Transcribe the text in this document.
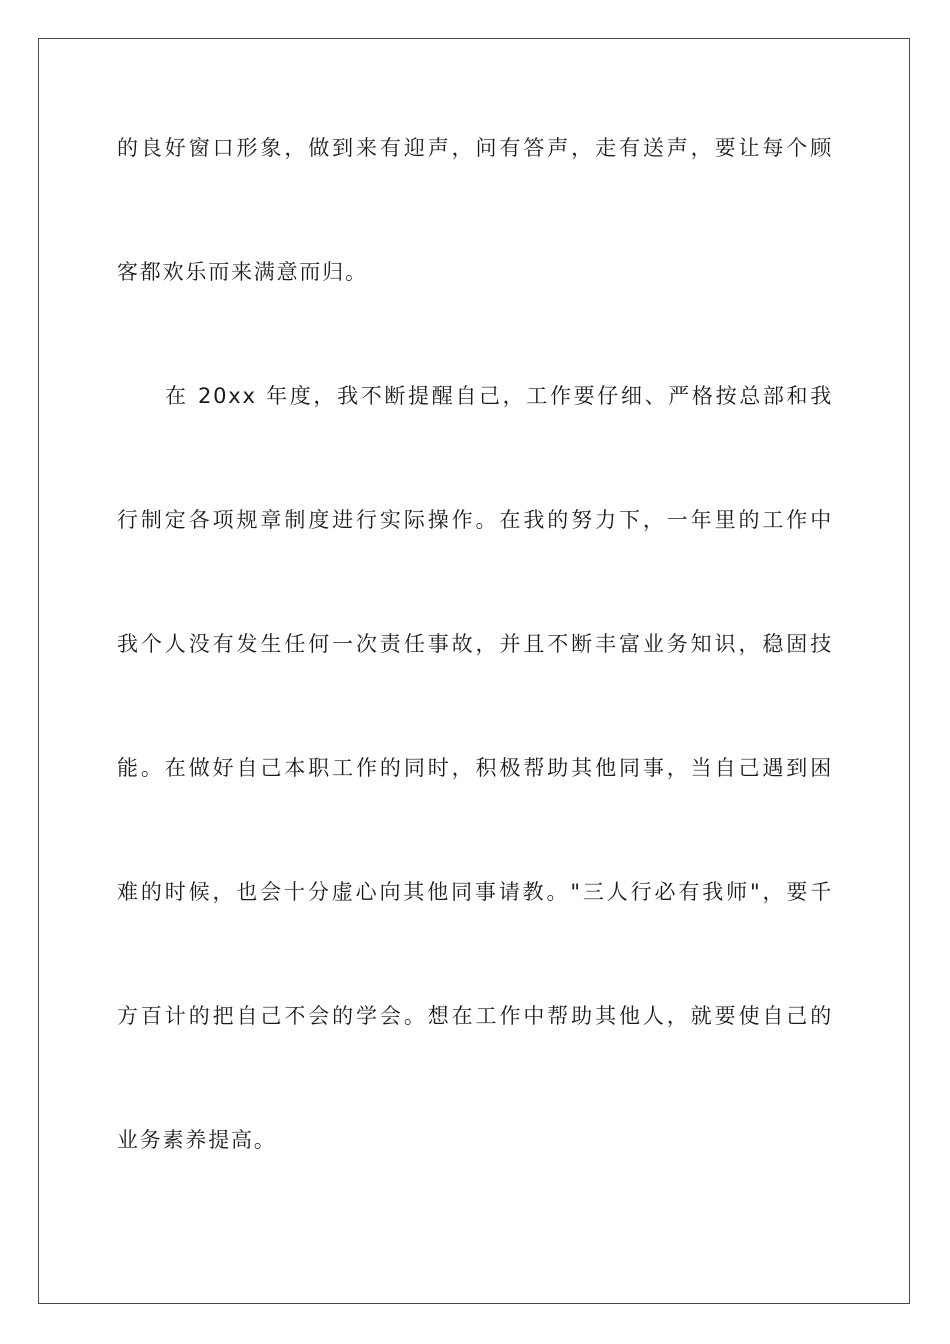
的良好窗口形象，做到来有迎声，问有答声，走有送声，要让每个顾
客都欢乐而来满意而归。
在 20xx 年度，我不断提醒自己，工作要仔细、严格按总部和我
行制定各项规章制度进行实际操作。在我的努力下，一年里的工作中
我个人没有发生任何一次责任事故，并且不断丰富业务知识，稳固技
能。在做好自己本职工作的同时，积极帮助其他同事，当自己遇到困
难的时候，也会十分虚心向其他同事请教。"三人行必有我师"，要千
方百计的把自己不会的学会。想在工作中帮助其他人，就要使自己的
业务素养提高。
